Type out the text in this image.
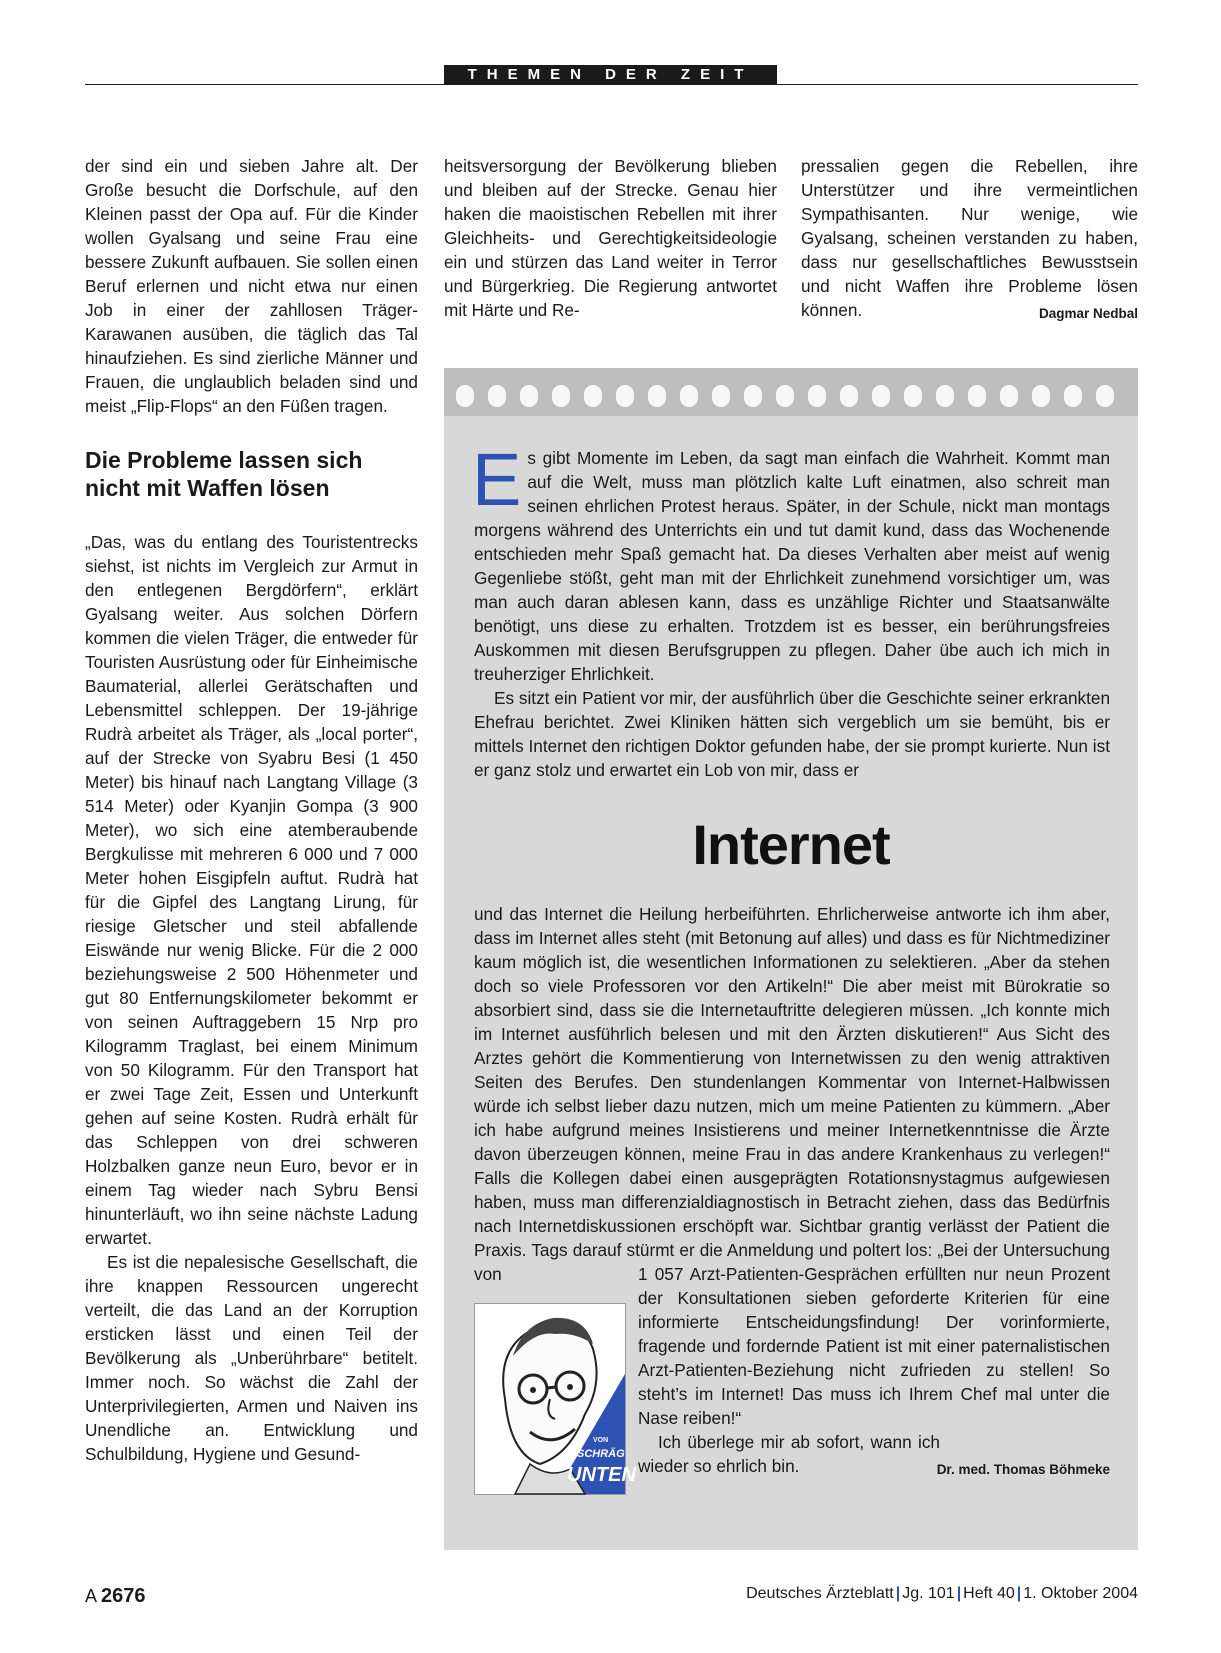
THEMEN DER ZEIT

der sind ein und sieben Jahre alt. Der Große besucht die Dorfschule, auf den Kleinen passt der Opa auf. Für die Kinder wollen Gyalsang und seine Frau eine bessere Zukunft aufbauen. Sie sollen einen Beruf erlernen und nicht etwa nur einen Job in einer der zahllosen Träger-Karawanen ausüben, die täglich das Tal hinaufziehen. Es sind zierliche Männer und Frauen, die unglaublich beladen sind und meist „Flip-Flops“ an den Füßen tragen.

Die Probleme lassen sich nicht mit Waffen lösen

„Das, was du entlang des Touristentrecks siehst, ist nichts im Vergleich zur Armut in den entlegenen Bergdörfern“, erklärt Gyalsang weiter. Aus solchen Dörfern kommen die vielen Träger, die entweder für Touristen Ausrüstung oder für Einheimische Baumaterial, allerlei Gerätschaften und Lebensmittel schleppen. Der 19-jährige Rudrà arbeitet als Träger, als „local porter“, auf der Strecke von Syabru Besi (1 450 Meter) bis hinauf nach Langtang Village (3 514 Meter) oder Kyanjin Gompa (3 900 Meter), wo sich eine atemberaubende Bergkulisse mit mehreren 6 000 und 7 000 Meter hohen Eisgipfeln auftut. Rudrà hat für die Gipfel des Langtang Lirung, für riesige Gletscher und steil abfallende Eiswände nur wenig Blicke. Für die 2 000 beziehungsweise 2 500 Höhenmeter und gut 80 Entfernungskilometer bekommt er von seinen Auftraggebern 15 Nrp pro Kilogramm Traglast, bei einem Minimum von 50 Kilogramm. Für den Transport hat er zwei Tage Zeit, Essen und Unterkunft gehen auf seine Kosten. Rudrà erhält für das Schleppen von drei schweren Holzbalken ganze neun Euro, bevor er in einem Tag wieder nach Sybru Bensi hinunterläuft, wo ihn seine nächste Ladung erwartet.

Es ist die nepalesische Gesellschaft, die ihre knappen Ressourcen ungerecht verteilt, die das Land an der Korruption ersticken lässt und einen Teil der Bevölkerung als „Unberührbare“ betitelt. Immer noch. So wächst die Zahl der Unterprivilegierten, Armen und Naiven ins Unendliche an. Entwicklung und Schulbildung, Hygiene und Gesund-

heitsversorgung der Bevölkerung blieben und bleiben auf der Strecke. Genau hier haken die maoistischen Rebellen mit ihrer Gleichheits- und Gerechtigkeitsideologie ein und stürzen das Land weiter in Terror und Bürgerkrieg. Die Regierung antwortet mit Härte und Re-

pressalien gegen die Rebellen, ihre Unterstützer und ihre vermeintlichen Sympathisanten. Nur wenige, wie Gyalsang, scheinen verstanden zu haben, dass nur gesellschaftliches Bewusstsein und nicht Waffen ihre Probleme lösen können.	Dagmar Nedbal

Es gibt Momente im Leben, da sagt man einfach die Wahrheit. Kommt man auf die Welt, muss man plötzlich kalte Luft einatmen, also schreit man seinen ehrlichen Protest heraus. Später, in der Schule, nickt man montags morgens während des Unterrichts ein und tut damit kund, dass das Wochenende entschieden mehr Spaß gemacht hat. Da dieses Verhalten aber meist auf wenig Gegenliebe stößt, geht man mit der Ehrlichkeit zunehmend vorsichtiger um, was man auch daran ablesen kann, dass es unzählige Richter und Staatsanwälte benötigt, uns diese zu erhalten. Trotzdem ist es besser, ein berührungsfreies Auskommen mit diesen Berufsgruppen zu pflegen. Daher übe auch ich mich in treuherziger Ehrlichkeit.

Es sitzt ein Patient vor mir, der ausführlich über die Geschichte seiner erkrankten Ehefrau berichtet. Zwei Kliniken hätten sich vergeblich um sie bemüht, bis er mittels Internet den richtigen Doktor gefunden habe, der sie prompt kurierte. Nun ist er ganz stolz und erwartet ein Lob von mir, dass er

Internet

und das Internet die Heilung herbeiführten. Ehrlicherweise antworte ich ihm aber, dass im Internet alles steht (mit Betonung auf alles) und dass es für Nichtmediziner kaum möglich ist, die wesentlichen Informationen zu selektieren. „Aber da stehen doch so viele Professoren vor den Artikeln!“ Die aber meist mit Bürokratie so absorbiert sind, dass sie die Internetauftritte delegieren müssen. „Ich konnte mich im Internet ausführlich belesen und mit den Ärzten diskutieren!“ Aus Sicht des Arztes gehört die Kommentierung von Internetwissen zu den wenig attraktiven Seiten des Berufes. Den stundenlangen Kommentar von Internet-Halbwissen würde ich selbst lieber dazu nutzen, mich um meine Patienten zu kümmern. „Aber ich habe aufgrund meines Insistierens und meiner Internetkenntnisse die Ärzte davon überzeugen können, meine Frau in das andere Krankenhaus zu verlegen!“ Falls die Kollegen dabei einen ausgeprägten Rotationsnystagmus aufgewiesen haben, muss man differenzialdiagnostisch in Betracht ziehen, dass das Bedürfnis nach Internetdiskussionen erschöpft war. Sichtbar grantig verlässt der Patient die Praxis. Tags darauf stürmt er die Anmeldung und poltert los: „Bei der Untersuchung von

VON
SCHRÄG
UNTEN

1 057 Arzt-Patienten-Gesprächen erfüllten nur neun Prozent der Konsultationen sieben geforderte Kriterien für eine informierte Entscheidungsfindung! Der vorinformierte, fragende und fordernde Patient ist mit einer paternalistischen Arzt-Patienten-Beziehung nicht zufrieden zu stellen! So steht’s im Internet! Das muss ich Ihrem Chef mal unter die Nase reiben!“

Ich überlege mir ab sofort, wann ich wieder so ehrlich bin.	Dr. med. Thomas Böhmeke
A 2676	Deutsches Ärzteblatt | Jg. 101 | Heft 40 | 1. Oktober 2004
